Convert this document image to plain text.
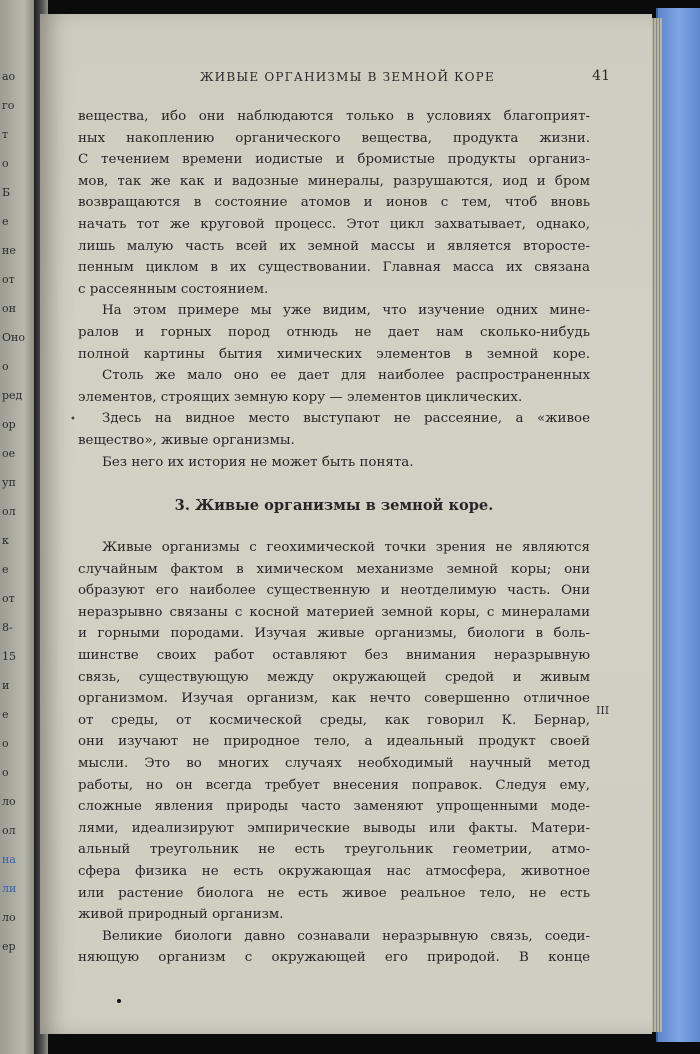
ао
го
т
о
Б
е
не
от
он
Оно
о
ред
ор
ое
уп
ол
к
е
от
8-
15
и
е
о
о
ло
ол
на
ли
ло
ер
ЖИВЫЕ ОРГАНИЗМЫ В ЗЕМНОЙ КОРЕ	41
вещества, ибо они наблюдаются только в условиях благоприят-
ных накоплению органического вещества, продукта жизни.
С течением времени иодистые и бромистые продукты организ-
мов, так же как и вадозные минералы, разрушаются, иод и бром
возвращаются в состояние атомов и ионов с тем, чтоб вновь
начать тот же круговой процесс. Этот цикл захватывает, однако,
лишь малую часть всей их земной массы и является второсте-
пенным циклом в их существовании. Главная масса их связана
с рассеянным состоянием.
На этом примере мы уже видим, что изучение одних мине-
ралов и горных пород отнюдь не дает нам сколько-нибудь
полной картины бытия химических элементов в земной коре.
Столь же мало оно ее дает для наиболее распространенных
элементов, строящих земную кору — элементов циклических.
Здесь на видное место выступают не рассеяние, а «живое
вещество», живые организмы.
Без него их история не может быть понята.
3. Живые организмы в земной коре.
Живые организмы с геохимической точки зрения не являются
случайным фактом в химическом механизме земной коры; они
образуют его наиболее существенную и неотделимую часть. Они
неразрывно связаны с косной материей земной коры, с минералами
и горными породами. Изучая живые организмы, биологи в боль-
шинстве своих работ оставляют без внимания неразрывную
связь, существующую между окружающей средой и живым
организмом. Изучая организм, как нечто совершенно отличное
от среды, от космической среды, как говорил К. Бернар,
они изучают не природное тело, а идеальный продукт своей
мысли. Это во многих случаях необходимый научный метод
работы, но он всегда требует внесения поправок. Следуя ему,
сложные явления природы часто заменяют упрощенными моде-
лями, идеализируют эмпирические выводы или факты. Матери-
альный треугольник не есть треугольник геометрии, атмо-
сфера физика не есть окружающая нас атмосфера, животное
или растение биолога не есть живое реальное тело, не есть
живой природный организм.
Великие биологи давно сознавали неразрывную связь, соеди-
няющую организм с окружающей его природой. В конце
III
•
